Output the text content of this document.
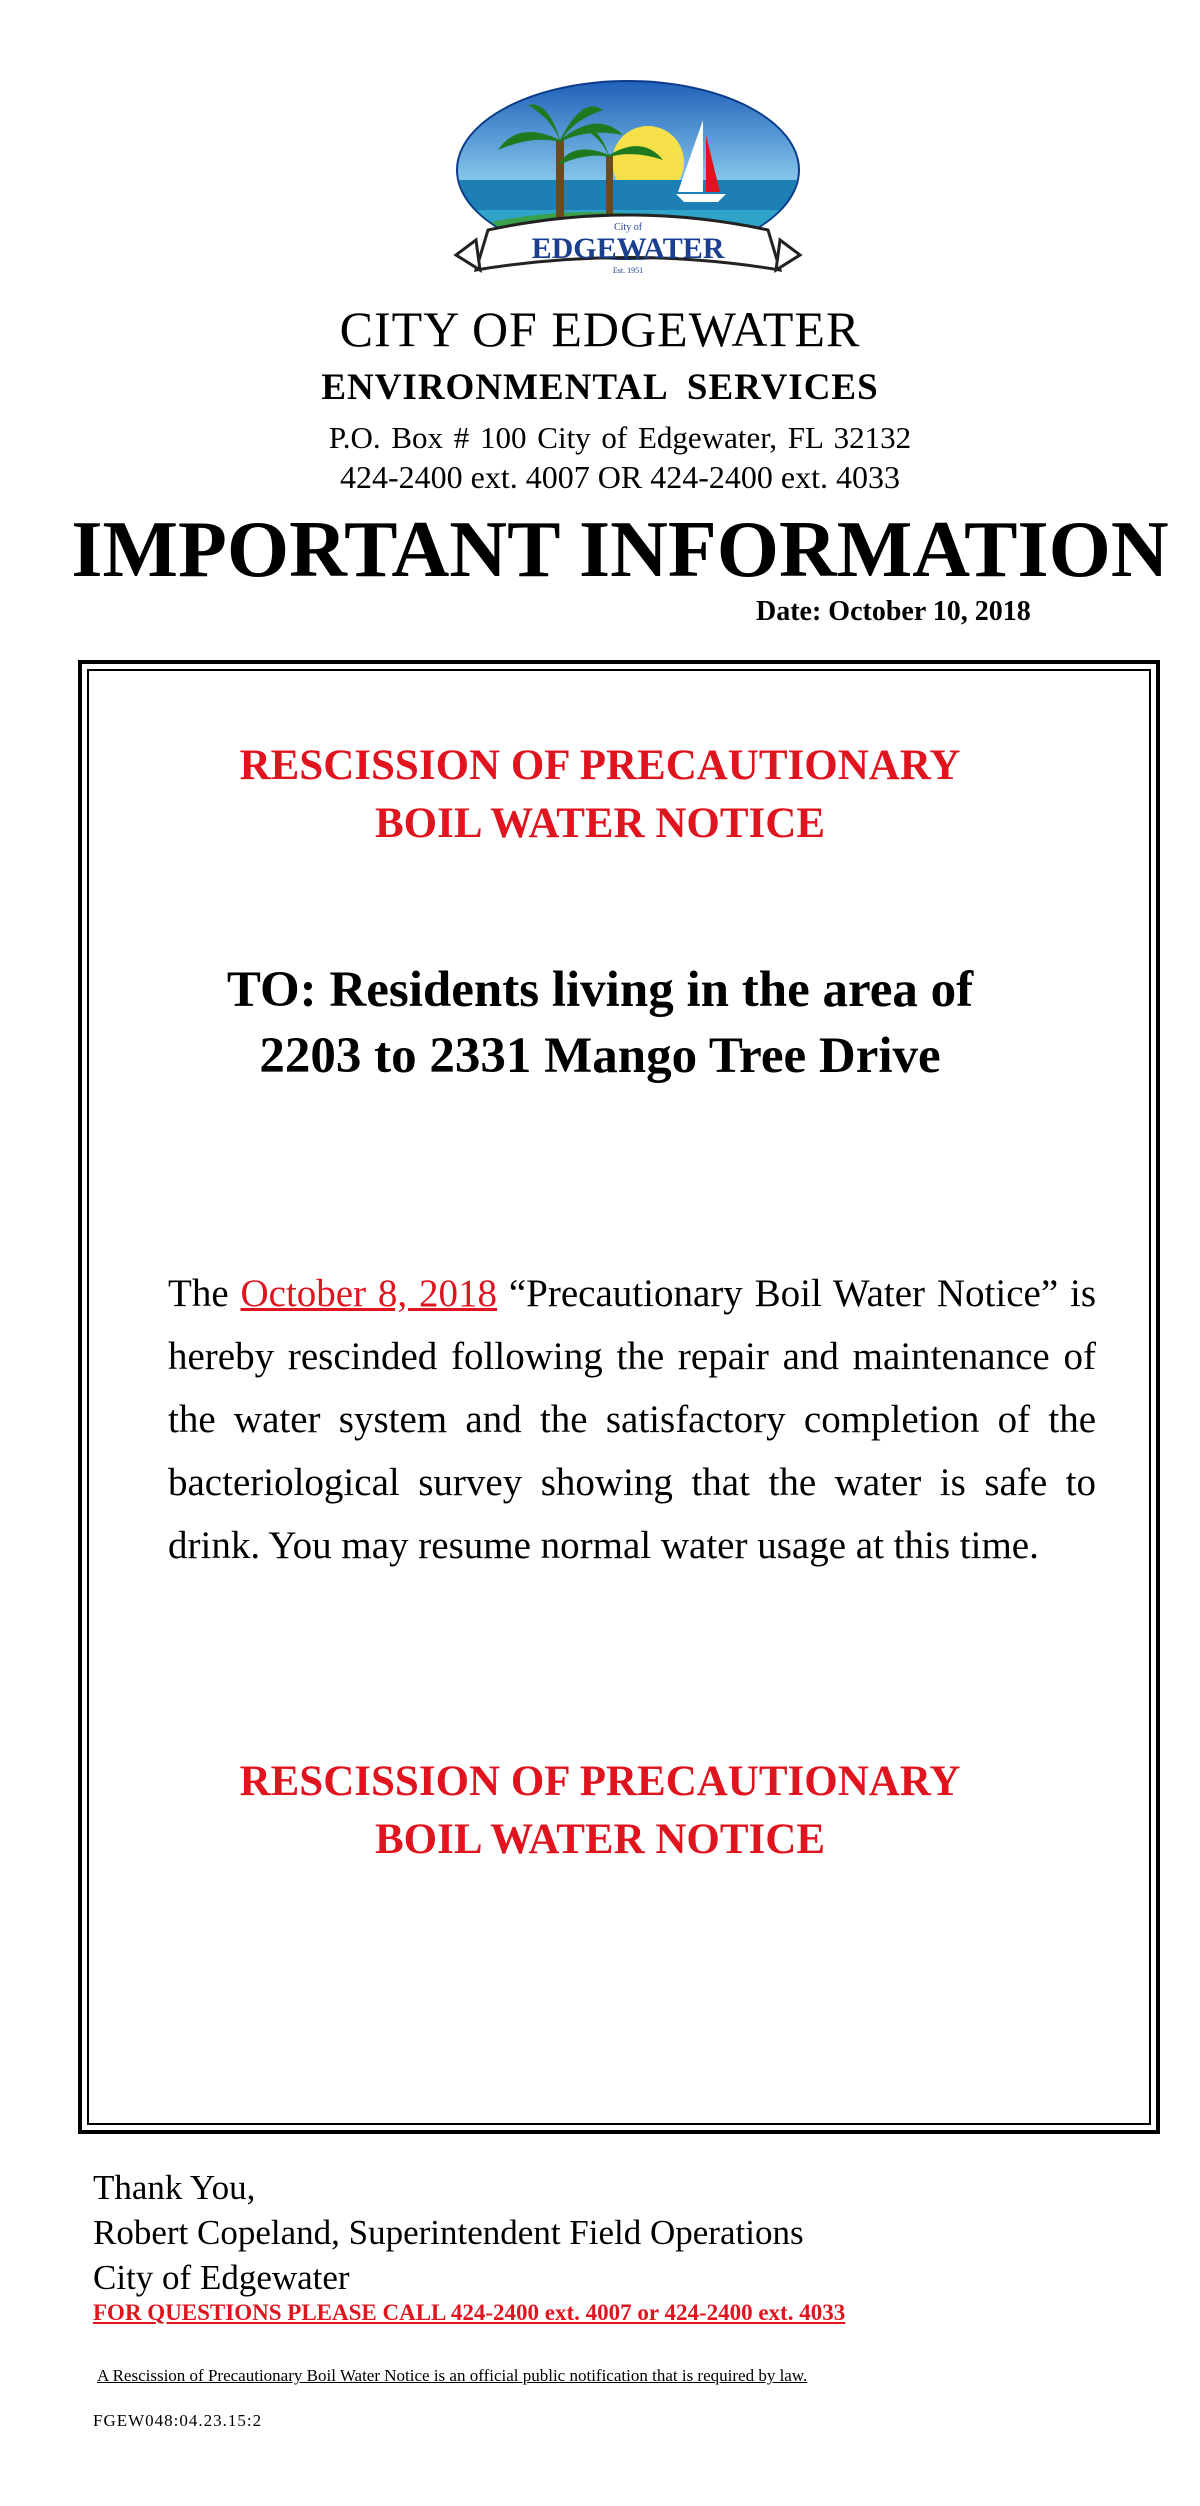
City of
EDGEWATER
Est. 1951
CITY OF EDGEWATER
ENVIRONMENTAL SERVICES
P.O. Box # 100 City of Edgewater, FL 32132
424-2400 ext. 4007 OR 424-2400 ext. 4033
IMPORTANT INFORMATION
Date: October 10, 2018
RESCISSION OF PRECAUTIONARY
BOIL WATER NOTICE
TO: Residents living in the area of
2203 to 2331 Mango Tree Drive
The October 8, 2018 “Precautionary Boil Water Notice” is hereby rescinded following the repair and maintenance of the water system and the satisfactory completion of the bacteriological survey showing that the water is safe to drink. You may resume normal water usage at this time.
RESCISSION OF PRECAUTIONARY
BOIL WATER NOTICE
Thank You,
Robert Copeland, Superintendent Field Operations
City of Edgewater
FOR QUESTIONS PLEASE CALL 424-2400 ext. 4007 or 424-2400 ext. 4033
A Rescission of Precautionary Boil Water Notice is an official public notification that is required by law.
FGEW048:04.23.15:2
